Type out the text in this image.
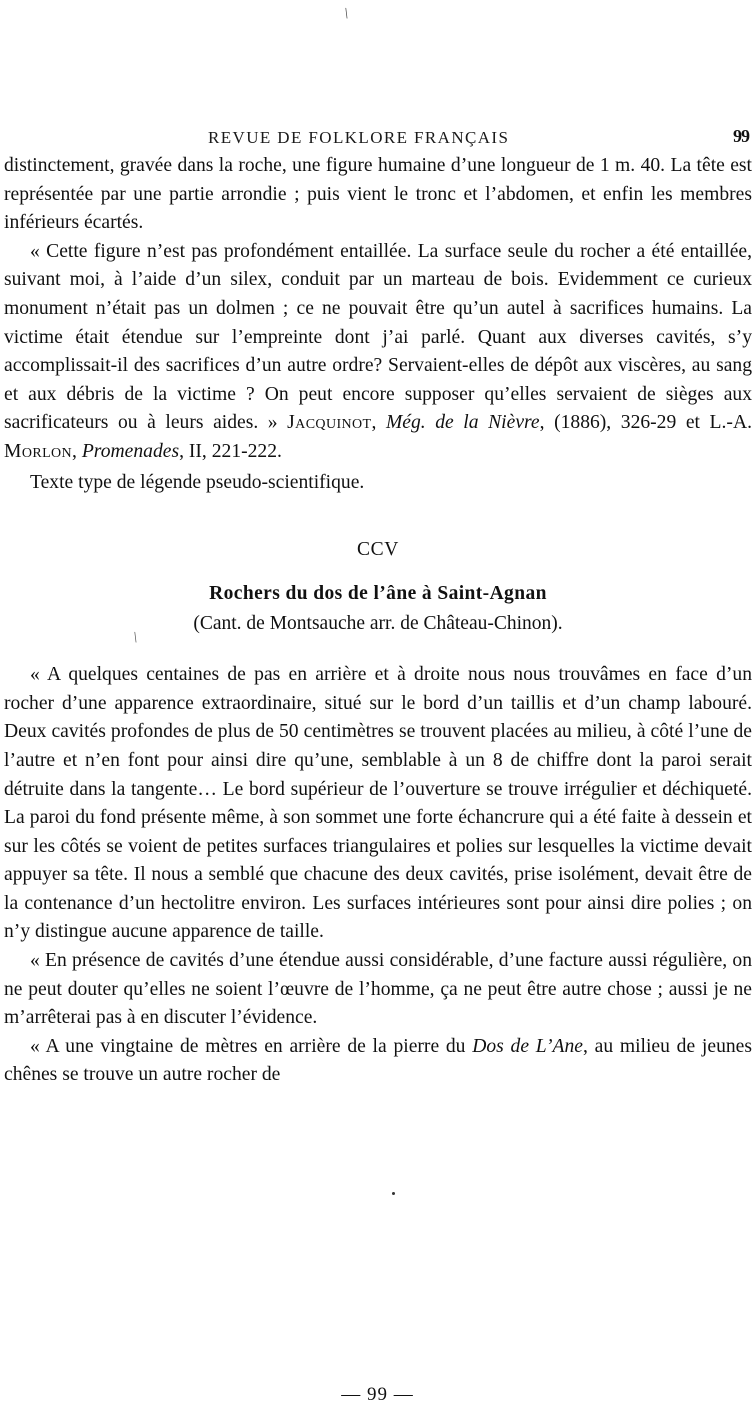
\
REVUE DE FOLKLORE FRANÇAIS	99

distinctement, gravée dans la roche, une figure humaine d’une longueur de 1 m. 40. La tête est représentée par une partie arrondie ; puis vient le tronc et l’abdomen, et enfin les membres inférieurs écartés.

« Cette figure n’est pas profondément entaillée. La surface seule du rocher a été entaillée, suivant moi, à l’aide d’un silex, conduit par un marteau de bois. Evidemment ce curieux monument n’était pas un dolmen ; ce ne pouvait être qu’un autel à sacrifices humains. La victime était étendue sur l’empreinte dont j’ai parlé. Quant aux diverses cavités, s’y accomplissait-il des sacrifices d’un autre ordre? Servaient-elles de dépôt aux viscères, au sang et aux débris de la victime ? On peut encore supposer qu’elles servaient de sièges aux sacrificateurs ou à leurs aides. » Jacquinot, Még. de la Nièvre, (1886), 326-29 et L.-A. Morlon, Promenades, II, 221-222.

Texte type de légende pseudo-scientifique.

CCV
Rochers du dos de l’âne à Saint-Agnan
(Cant. de Montsauche arr. de Château-Chinon).

« A quelques centaines de pas en arrière et à droite nous nous trouvâmes en face d’un rocher d’une apparence extraordinaire, situé sur le bord d’un taillis et d’un champ labouré. Deux cavités profondes de plus de 50 centimètres se trouvent placées au milieu, à côté l’une de l’autre et n’en font pour ainsi dire qu’une, semblable à un 8 de chiffre dont la paroi serait détruite dans la tangente… Le bord supérieur de l’ouverture se trouve irrégulier et déchiqueté. La paroi du fond présente même, à son sommet une forte échancrure qui a été faite à dessein et sur les côtés se voient de petites surfaces triangulaires et polies sur lesquelles la victime devait appuyer sa tête. Il nous a semblé que chacune des deux cavités, prise isolément, devait être de la contenance d’un hectolitre environ. Les surfaces intérieures sont pour ainsi dire polies ; on n’y distingue aucune apparence de taille.

« En présence de cavités d’une étendue aussi considérable, d’une facture aussi régulière, on ne peut douter qu’elles ne soient l’œuvre de l’homme, ça ne peut être autre chose ; aussi je ne m’arrêterai pas à en discuter l’évidence.

« A une vingtaine de mètres en arrière de la pierre du Dos de L’Ane, au milieu de jeunes chênes se trouve un autre rocher de

\
— 99 —
